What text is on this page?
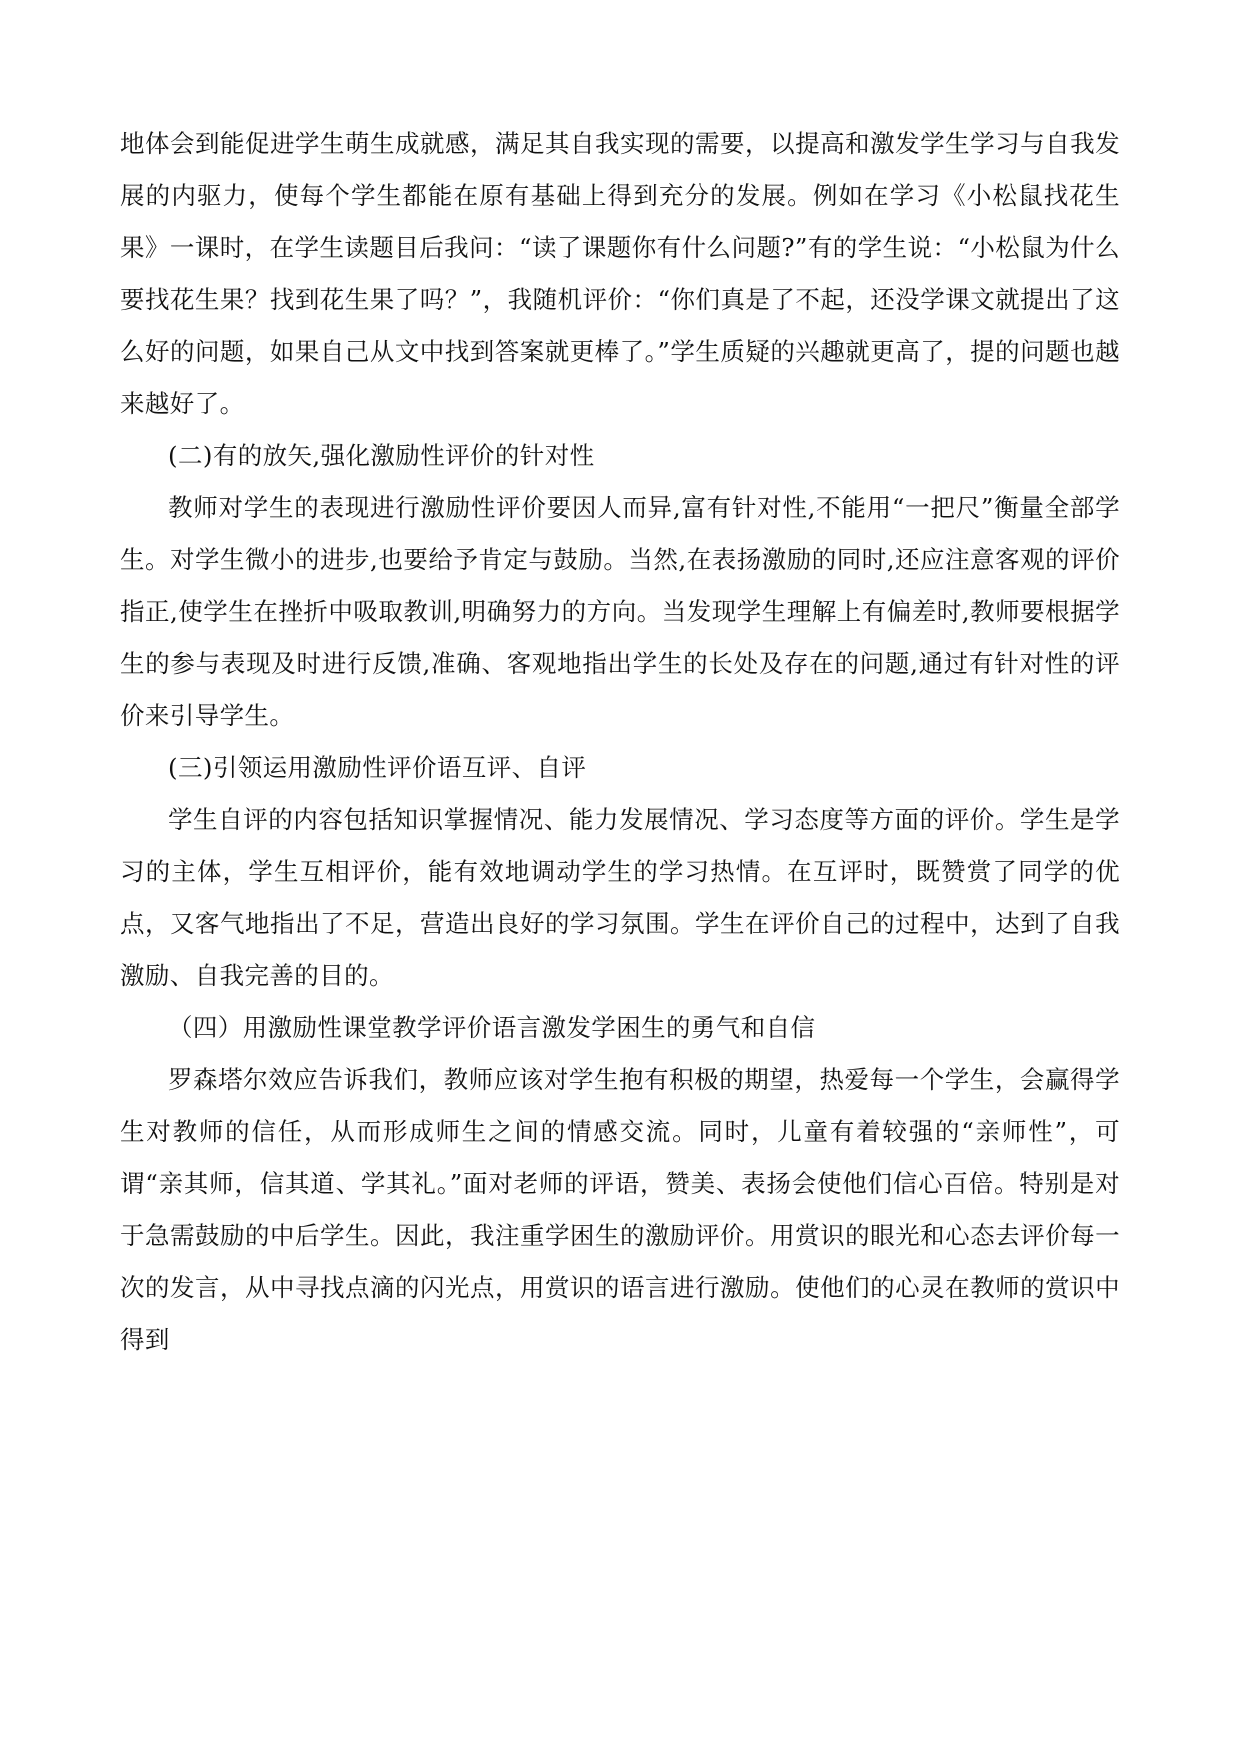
地体会到能促进学生萌生成就感，满足其自我实现的需要，以提高和激发学生学习与自我发展的内驱力，使每个学生都能在原有基础上得到充分的发展。例如在学习《小松鼠找花生果》一课时，在学生读题目后我问：“读了课题你有什么问题?”有的学生说：“小松鼠为什么要找花生果？找到花生果了吗？”，我随机评价：“你们真是了不起，还没学课文就提出了这么好的问题，如果自己从文中找到答案就更棒了。”学生质疑的兴趣就更高了，提的问题也越来越好了。

(二)有的放矢,强化激励性评价的针对性

教师对学生的表现进行激励性评价要因人而异,富有针对性,不能用“一把尺”衡量全部学生。对学生微小的进步,也要给予肯定与鼓励。当然,在表扬激励的同时,还应注意客观的评价指正,使学生在挫折中吸取教训,明确努力的方向。当发现学生理解上有偏差时,教师要根据学生的参与表现及时进行反馈,准确、客观地指出学生的长处及存在的问题,通过有针对性的评价来引导学生。

(三)引领运用激励性评价语互评、自评

学生自评的内容包括知识掌握情况、能力发展情况、学习态度等方面的评价。学生是学习的主体，学生互相评价，能有效地调动学生的学习热情。在互评时，既赞赏了同学的优点，又客气地指出了不足，营造出良好的学习氛围。学生在评价自己的过程中，达到了自我激励、自我完善的目的。

（四）用激励性课堂教学评价语言激发学困生的勇气和自信

罗森塔尔效应告诉我们，教师应该对学生抱有积极的期望，热爱每一个学生，会赢得学生对教师的信任，从而形成师生之间的情感交流。同时，儿童有着较强的“亲师性”，可谓“亲其师，信其道、学其礼。”面对老师的评语，赞美、表扬会使他们信心百倍。特别是对于急需鼓励的中后学生。因此，我注重学困生的激励评价。用赏识的眼光和心态去评价每一次的发言，从中寻找点滴的闪光点，用赏识的语言进行激励。使他们的心灵在教师的赏识中得到
